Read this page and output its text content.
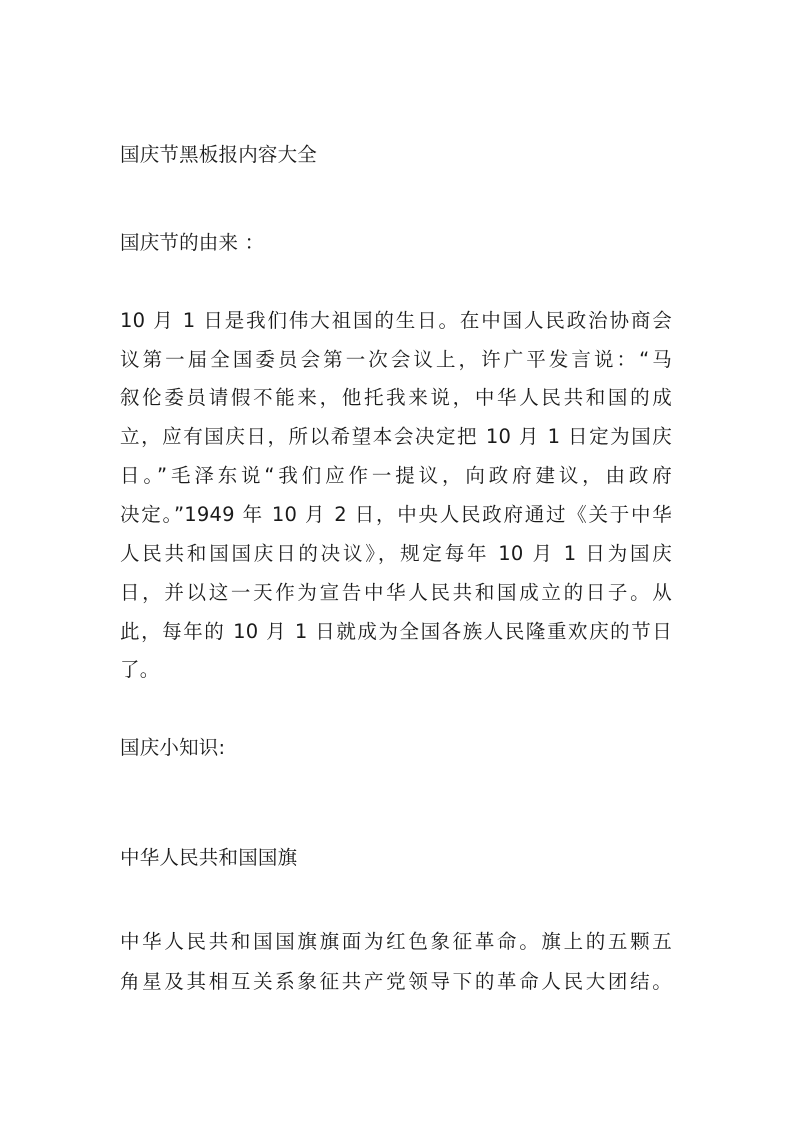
国庆节黑板报内容大全
国庆节的由来 ：
10 月 1 日是我们伟大祖国的生日。在中国人民政治协商会
议第一届全国委员会第一次会议上，许广平发言说：“马
叙伦委员请假不能来，他托我来说，中华人民共和国的成
立，应有国庆日，所以希望本会决定把 10 月 1 日定为国庆
日。”毛泽东说“我们应作一提议，向政府建议，由政府
决定。”1949 年 10 月 2 日，中央人民政府通过《关于中华
人民共和国国庆日的决议》，规定每年 10 月 1 日为国庆
日，并以这一天作为宣告中华人民共和国成立的日子。从
此，每年的 10 月 1 日就成为全国各族人民隆重欢庆的节日
了。
国庆小知识:
中华人民共和国国旗
中华人民共和国国旗旗面为红色象征革命。旗上的五颗五
角星及其相互关系象征共产党领导下的革命人民大团结。
